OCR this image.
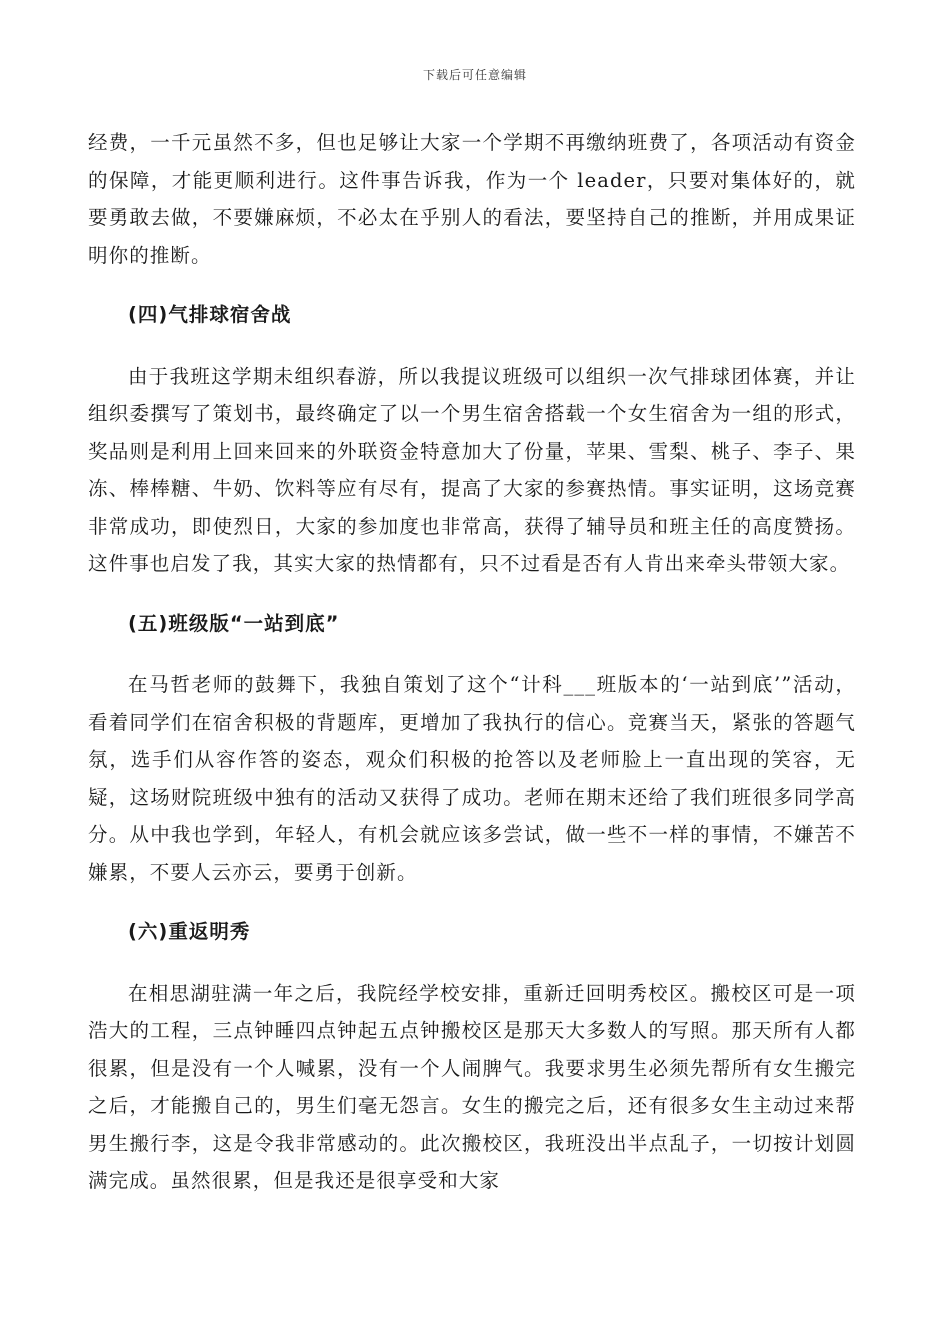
下载后可任意编辑

经费，一千元虽然不多，但也足够让大家一个学期不再缴纳班费了，各项活动有资金的保障，才能更顺利进行。这件事告诉我，作为一个 leader，只要对集体好的，就要勇敢去做，不要嫌麻烦，不必太在乎别人的看法，要坚持自己的推断，并用成果证明你的推断。

(四)气排球宿舍战

由于我班这学期未组织春游，所以我提议班级可以组织一次气排球团体赛，并让组织委撰写了策划书，最终确定了以一个男生宿舍搭载一个女生宿舍为一组的形式，奖品则是利用上回来回来的外联资金特意加大了份量，苹果、雪梨、桃子、李子、果冻、棒棒糖、牛奶、饮料等应有尽有，提高了大家的参赛热情。事实证明，这场竞赛非常成功，即使烈日，大家的参加度也非常高，获得了辅导员和班主任的高度赞扬。这件事也启发了我，其实大家的热情都有，只不过看是否有人肯出来牵头带领大家。

(五)班级版“一站到底”

在马哲老师的鼓舞下，我独自策划了这个“计科___班版本的‘一站到底’”活动，看着同学们在宿舍积极的背题库，更增加了我执行的信心。竞赛当天，紧张的答题气氛，选手们从容作答的姿态，观众们积极的抢答以及老师脸上一直出现的笑容，无疑，这场财院班级中独有的活动又获得了成功。老师在期末还给了我们班很多同学高分。从中我也学到，年轻人，有机会就应该多尝试，做一些不一样的事情，不嫌苦不嫌累，不要人云亦云，要勇于创新。

(六)重返明秀

在相思湖驻满一年之后，我院经学校安排，重新迁回明秀校区。搬校区可是一项浩大的工程，三点钟睡四点钟起五点钟搬校区是那天大多数人的写照。那天所有人都很累，但是没有一个人喊累，没有一个人闹脾气。我要求男生必须先帮所有女生搬完之后，才能搬自己的，男生们毫无怨言。女生的搬完之后，还有很多女生主动过来帮男生搬行李，这是令我非常感动的。此次搬校区，我班没出半点乱子，一切按计划圆满完成。虽然很累，但是我还是很享受和大家
